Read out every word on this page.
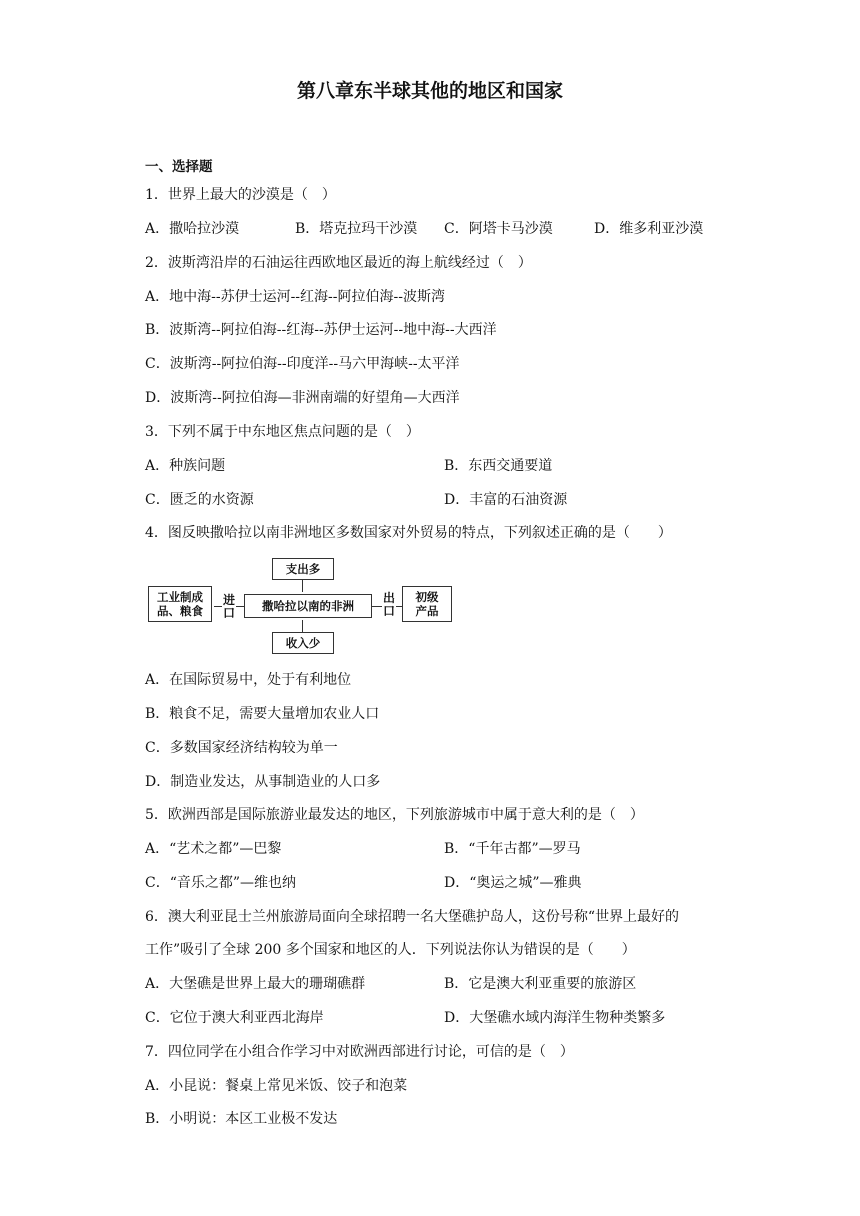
第八章东半球其他的地区和国家
一、选择题
1．世界上最大的沙漠是（　）
A．撒哈拉沙漠	B．塔克拉玛干沙漠 C．阿塔卡马沙漠	D．维多利亚沙漠
2．波斯湾沿岸的石油运往西欧地区最近的海上航线经过（　）
A．地中海--苏伊士运河--红海--阿拉伯海--波斯湾
B．波斯湾--阿拉伯海--红海--苏伊士运河--地中海--大西洋
C．波斯湾--阿拉伯海--印度洋--马六甲海峡--太平洋
D．波斯湾--阿拉伯海—非洲南端的好望角—大西洋
3．下列不属于中东地区焦点问题的是（　）
A．种族问题	B．东西交通要道
C．匮乏的水资源	D．丰富的石油资源
4．图反映撒哈拉以南非洲地区多数国家对外贸易的特点，下列叙述正确的是（　　）
支出多
撒哈拉以南的非洲
收入少
工业制成品、粮食
初级产品
进口
出口
A．在国际贸易中，处于有利地位
B．粮食不足，需要大量增加农业人口
C．多数国家经济结构较为单一
D．制造业发达，从事制造业的人口多
5．欧洲西部是国际旅游业最发达的地区，下列旅游城市中属于意大利的是（　）
A．“艺术之都”—巴黎	B．“千年古都”—罗马
C．“音乐之都”—维也纳	D．“奥运之城”—雅典
6．澳大利亚昆士兰州旅游局面向全球招聘一名大堡礁护岛人，这份号称“世界上最好的
工作”吸引了全球 200 多个国家和地区的人．下列说法你认为错误的是（　　）
A．大堡礁是世界上最大的珊瑚礁群	B．它是澳大利亚重要的旅游区
C．它位于澳大利亚西北海岸	D．大堡礁水域内海洋生物种类繁多
7．四位同学在小组合作学习中对欧洲西部进行讨论，可信的是（　）
A．小昆说：餐桌上常见米饭、饺子和泡菜
B．小明说：本区工业极不发达
